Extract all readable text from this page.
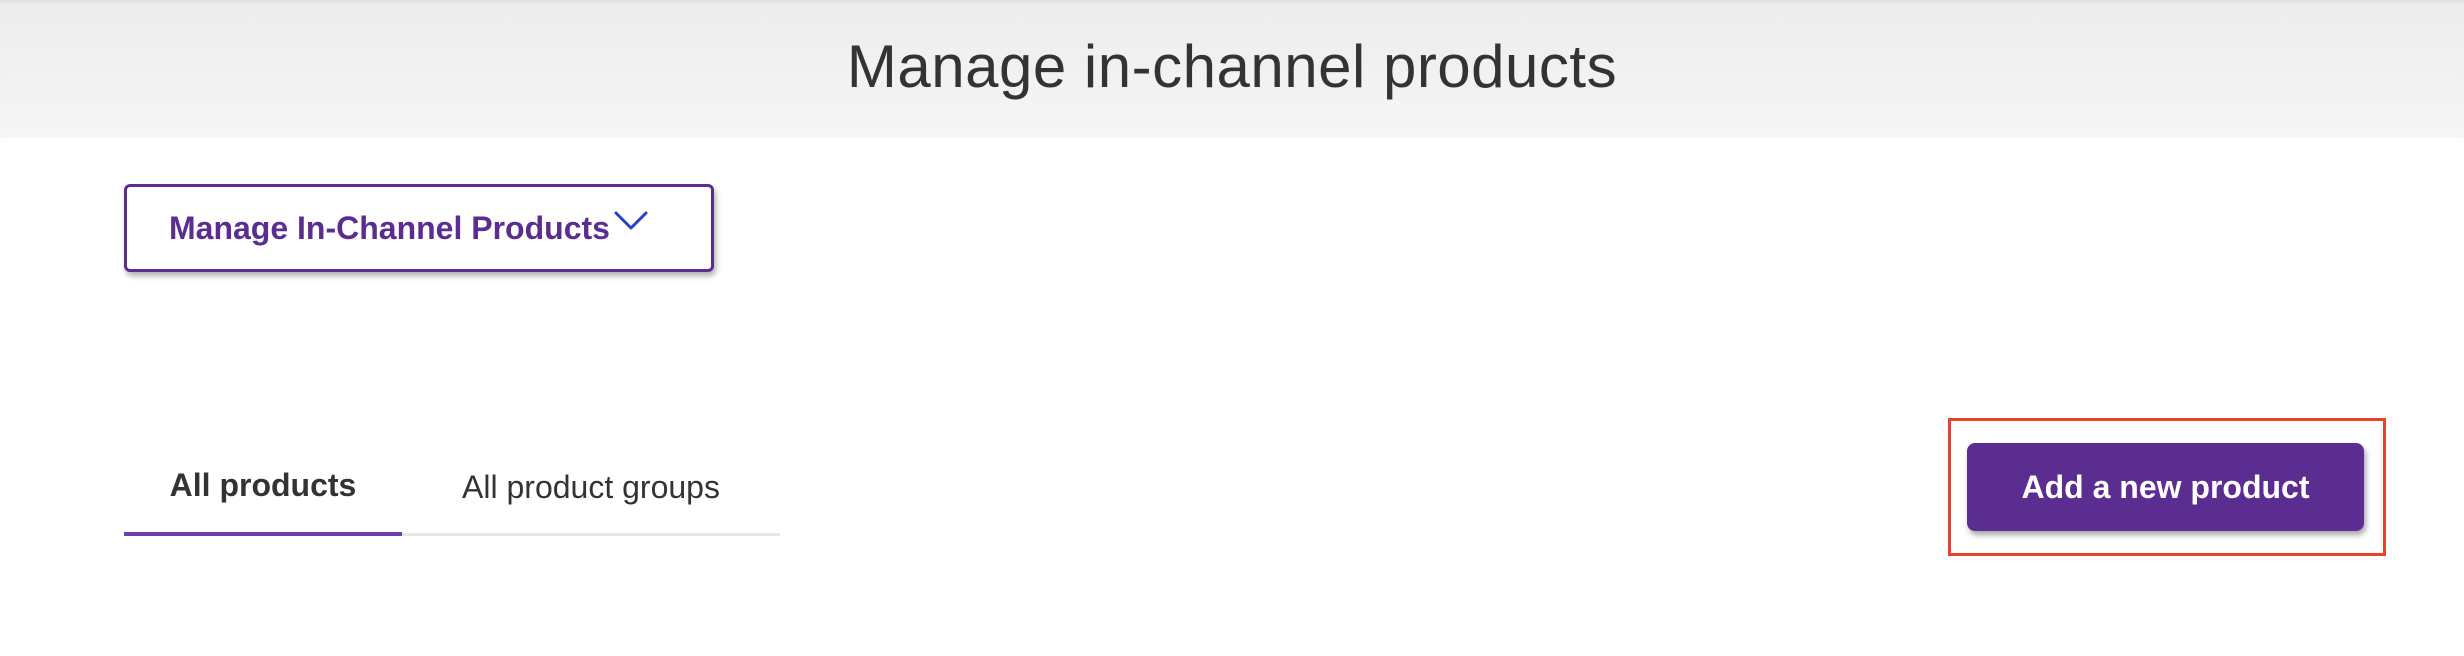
Manage in-channel products
Manage In-Channel Products
All products	All product groups	Add a new product
